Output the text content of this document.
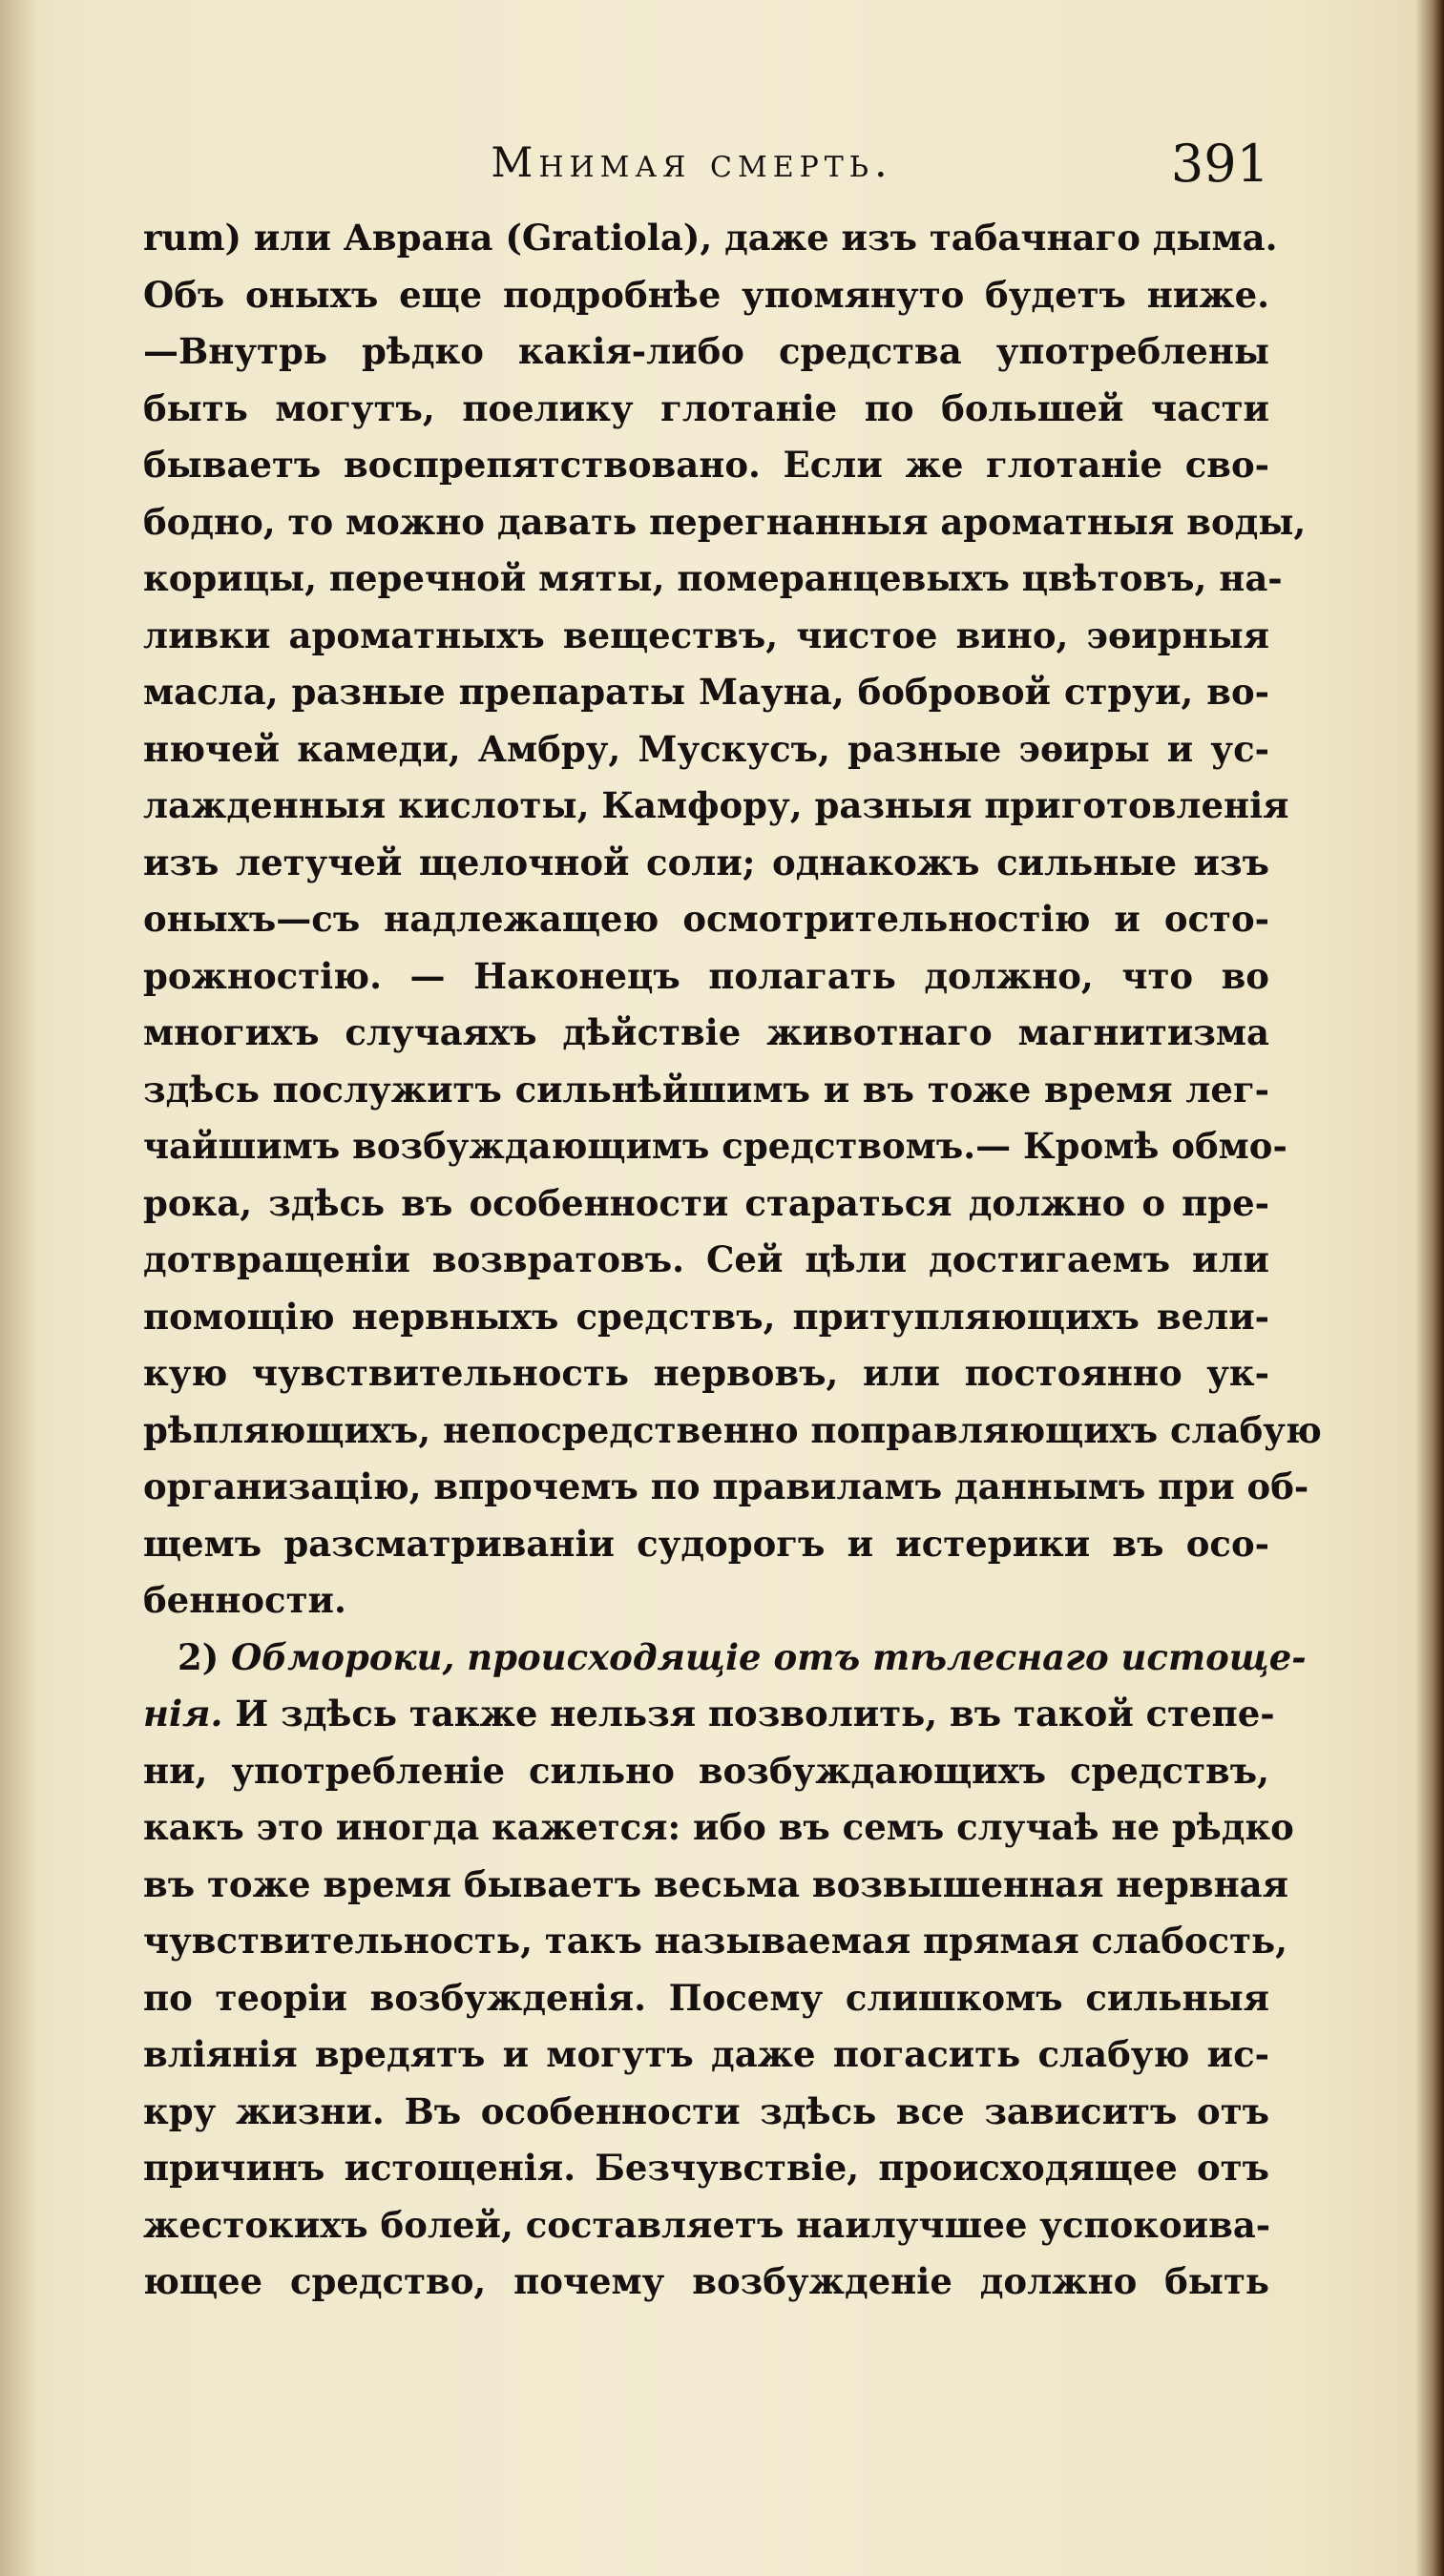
Мнимая смерть.	391
rum) или Аврана (Gratiola), даже изъ табачнаго дыма.
Объ оныхъ еще подробнѣе упомянуто будетъ ниже.
—Внутрь рѣдко какія-либо средства употреблены
быть могутъ, поелику глотаніе по большей части
бываетъ воспрепятствовано. Если же глотаніе сво-
бодно, то можно давать перегнанныя ароматныя воды,
корицы, перечной мяты, померанцевыхъ цвѣтовъ, на-
ливки ароматныхъ веществъ, чистое вино, эѳирныя
масла, разные препараты Мауна, бобровой струи, во-
нючей камеди, Амбру, Мускусъ, разные эѳиры и ус-
лажденныя кислоты, Камфору, разныя приготовленія
изъ летучей щелочной соли; однакожъ сильные изъ
оныхъ—съ надлежащею осмотрительностію и осто-
рожностію. — Наконецъ полагать должно, что во
многихъ случаяхъ дѣйствіе животнаго магнитизма
здѣсь послужитъ сильнѣйшимъ и въ тоже время лег-
чайшимъ возбуждающимъ средствомъ.— Кромѣ обмо-
рока, здѣсь въ особенности стараться должно о пре-
дотвращеніи возвратовъ. Сей цѣли достигаемъ или
помощію нервныхъ средствъ, притупляющихъ вели-
кую чувствительность нервовъ, или постоянно ук-
рѣпляющихъ, непосредственно поправляющихъ слабую
организацію, впрочемъ по правиламъ даннымъ при об-
щемъ разсматриваніи судорогъ и истерики въ осо-
бенности.
2) Обмороки, происходящіе отъ тѣлеснаго истоще-
нія. И здѣсь также нельзя позволить, въ такой степе-
ни, употребленіе сильно возбуждающихъ средствъ,
какъ это иногда кажется: ибо въ семъ случаѣ не рѣдко
въ тоже время бываетъ весьма возвышенная нервная
чувствительность, такъ называемая прямая слабость,
по теоріи возбужденія. Посему слишкомъ сильныя
вліянія вредятъ и могутъ даже погасить слабую ис-
кру жизни. Въ особенности здѣсь все зависитъ отъ
причинъ истощенія. Безчувствіе, происходящее отъ
жестокихъ болей, составляетъ наилучшее успокоива-
ющее средство, почему возбужденіе должно быть
